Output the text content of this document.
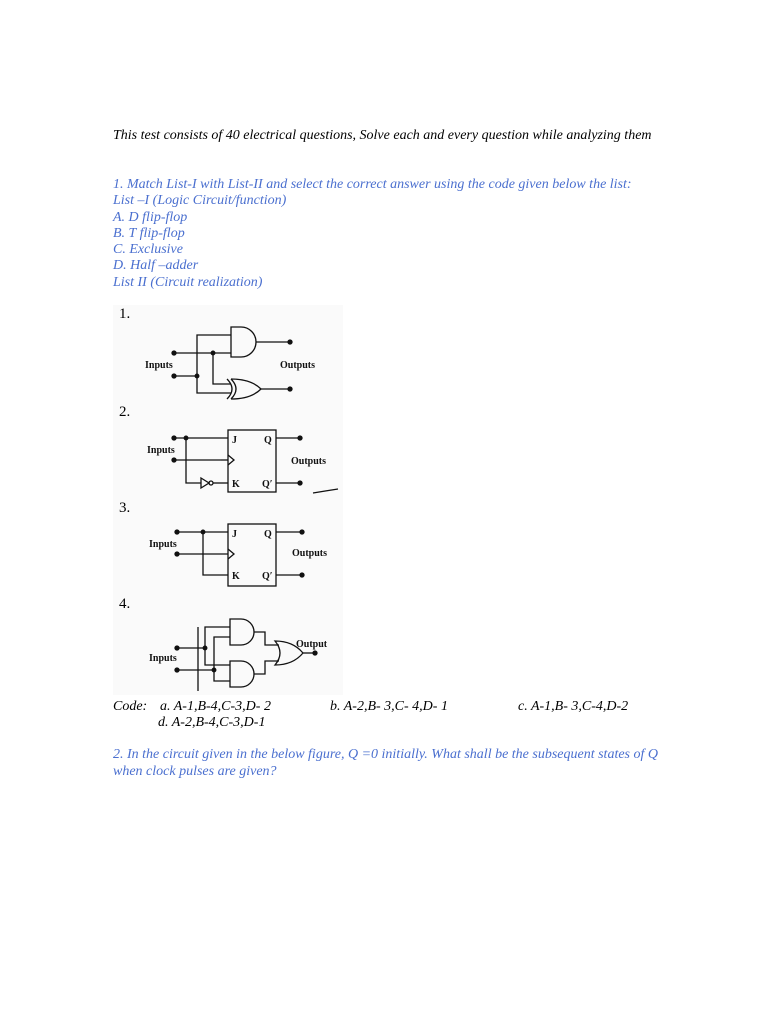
This test consists of 40 electrical questions, Solve each and every question while analyzing them
1. Match List-I with List-II and select the correct answer using the code given below the list:
List –I (Logic Circuit/function)
A. D flip-flop
B. T flip-flop
C. Exclusive
D. Half –adder
List II (Circuit realization)
1.
2.
3.
4.
Inputs	Outputs
J
K
Q
Q′
Inputs
Outputs
J
K
Q
Q′
Inputs
Outputs
Inputs
Output
Code: a. A-1,B-4,C-3,D- 2	b. A-2,B- 3,C- 4,D- 1	c. A-1,B- 3,C-4,D-2
d. A-2,B-4,C-3,D-1
2. In the circuit given in the below figure, Q =0 initially. What shall be the subsequent states of Q when clock pulses are given?
